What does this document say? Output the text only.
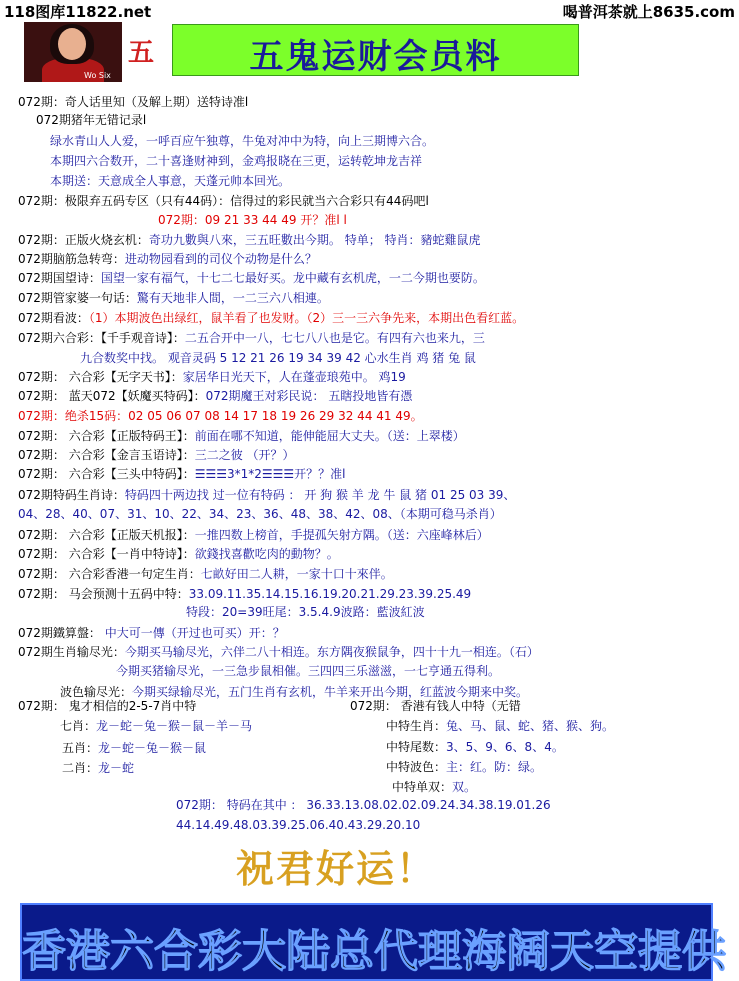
118图库11822.net	喝普洱茶就上8635.com
Wo Six
五	五鬼运财会员料
072期：奇人话里知（及解上期）送特诗准l
072期猪年无错记录l
绿水青山人人爱，一呼百应午独尊，牛兔对冲中为特，向上三期博六合。
本期四六合数开，二十喜逢财神到，金鸡报晓在三更，运转乾坤龙吉祥
本期送：天意成全人事意，天蓬元帅本回光。
072期：极限弃五码专区（只有44码）：信得过的彩民就当六合彩只有44码吧l
072期：09 21 33 44 49 开？准l l
072期：正版火烧玄机：奇功九數與八來，三五旺數出今期。 特单； 特肖：豬蛇雞鼠虎
072期脑筋急转弯：进动物园看到的司仪个动物是什么？
072期国望诗：国望一家有福气，十七二七最好买。龙中藏有玄机虎，一二今期也要防。
072期管家婆一句话：驚有天地非人間，一二三六八相連。
072期看波：（1）本期波色出绿红，鼠羊看了也发财。（2）三一三六争先来，本期出色看红蓝。
072期六合彩：【千手观音诗】：二五合开中一八，七七八八也是它。有四有六也来九，三
九合数奖中找。 观音灵码 5 12 21 26 19 34 39 42 心水生肖 鸡 猪 兔 鼠
072期： 六合彩【无字天书】：家居华日光天下，人在蓬壶琅苑中。 鸡19
072期： 蓝天072【妖魔买特码】：072期魔王对彩民说： 五瞎投地皆有憑
072期：绝杀15码：02 05 06 07 08 14 17 18 19 26 29 32 44 41 49。
072期： 六合彩【正版特码王】：前面在哪不知道，能伸能屈大丈夫。（送：上翠楼）
072期： 六合彩【金言玉语诗】：三二之彼 （开？）
072期： 六合彩【三头中特码】：☰☰☰3*1*2☰☰☰开？？准l
072期特码生肖诗：特码四十两边找 过一位有特码 ： 开 狗 猴 羊 龙 牛 鼠 猪 01 25 03 39、
04、28、40、07、31、10、22、34、23、36、48、38、42、08、（本期可稳马杀肖）
072期： 六合彩【正版天机报】：一推四数上榜首，手提孤矢射方隅。（送：六座峰林后）
072期： 六合彩【一肖中特诗】：欲錢找喜歡吃肉的動物？。
072期： 六合彩香港一句定生肖：七畝好田二人耕，一家十口十來伴。
072期： 马会预测十五码中特：33.09.11.35.14.15.16.19.20.21.29.23.39.25.49
特段：20=39旺尾：3.5.4.9波路：藍波紅波
072期鐵算盤： 中大可一傳（开过也可买）开：？
072期生肖输尽光：今期买马输尽光，六伴二八十相连。东方隅夜猴鼠争，四十十九一相连。（石）
今期买猪输尽光，一三急步鼠相催。三四四三乐滋滋，一七亨通五得利。
波色输尽光：今期买绿输尽光，五门生肖有玄机，牛羊来开出今期，红蓝波今期来中奖。
072期： 鬼才相信的2-5-7肖中特
七肖：龙－蛇－兔－猴－鼠－羊－马
五肖：龙－蛇－兔－猴－鼠
二肖：龙－蛇
072期： 香港有钱人中特（无错
中特生肖：兔、马、鼠、蛇、猪、猴、狗。
中特尾数：3、5、9、6、8、4。
中特波色：主：红。防：绿。
中特单双：双。
072期： 特码在其中 ： 36.33.13.08.02.02.09.24.34.38.19.01.26
44.14.49.48.03.39.25.06.40.43.29.20.10
祝君好运！
香港六合彩大陆总代理海阔天空提供
